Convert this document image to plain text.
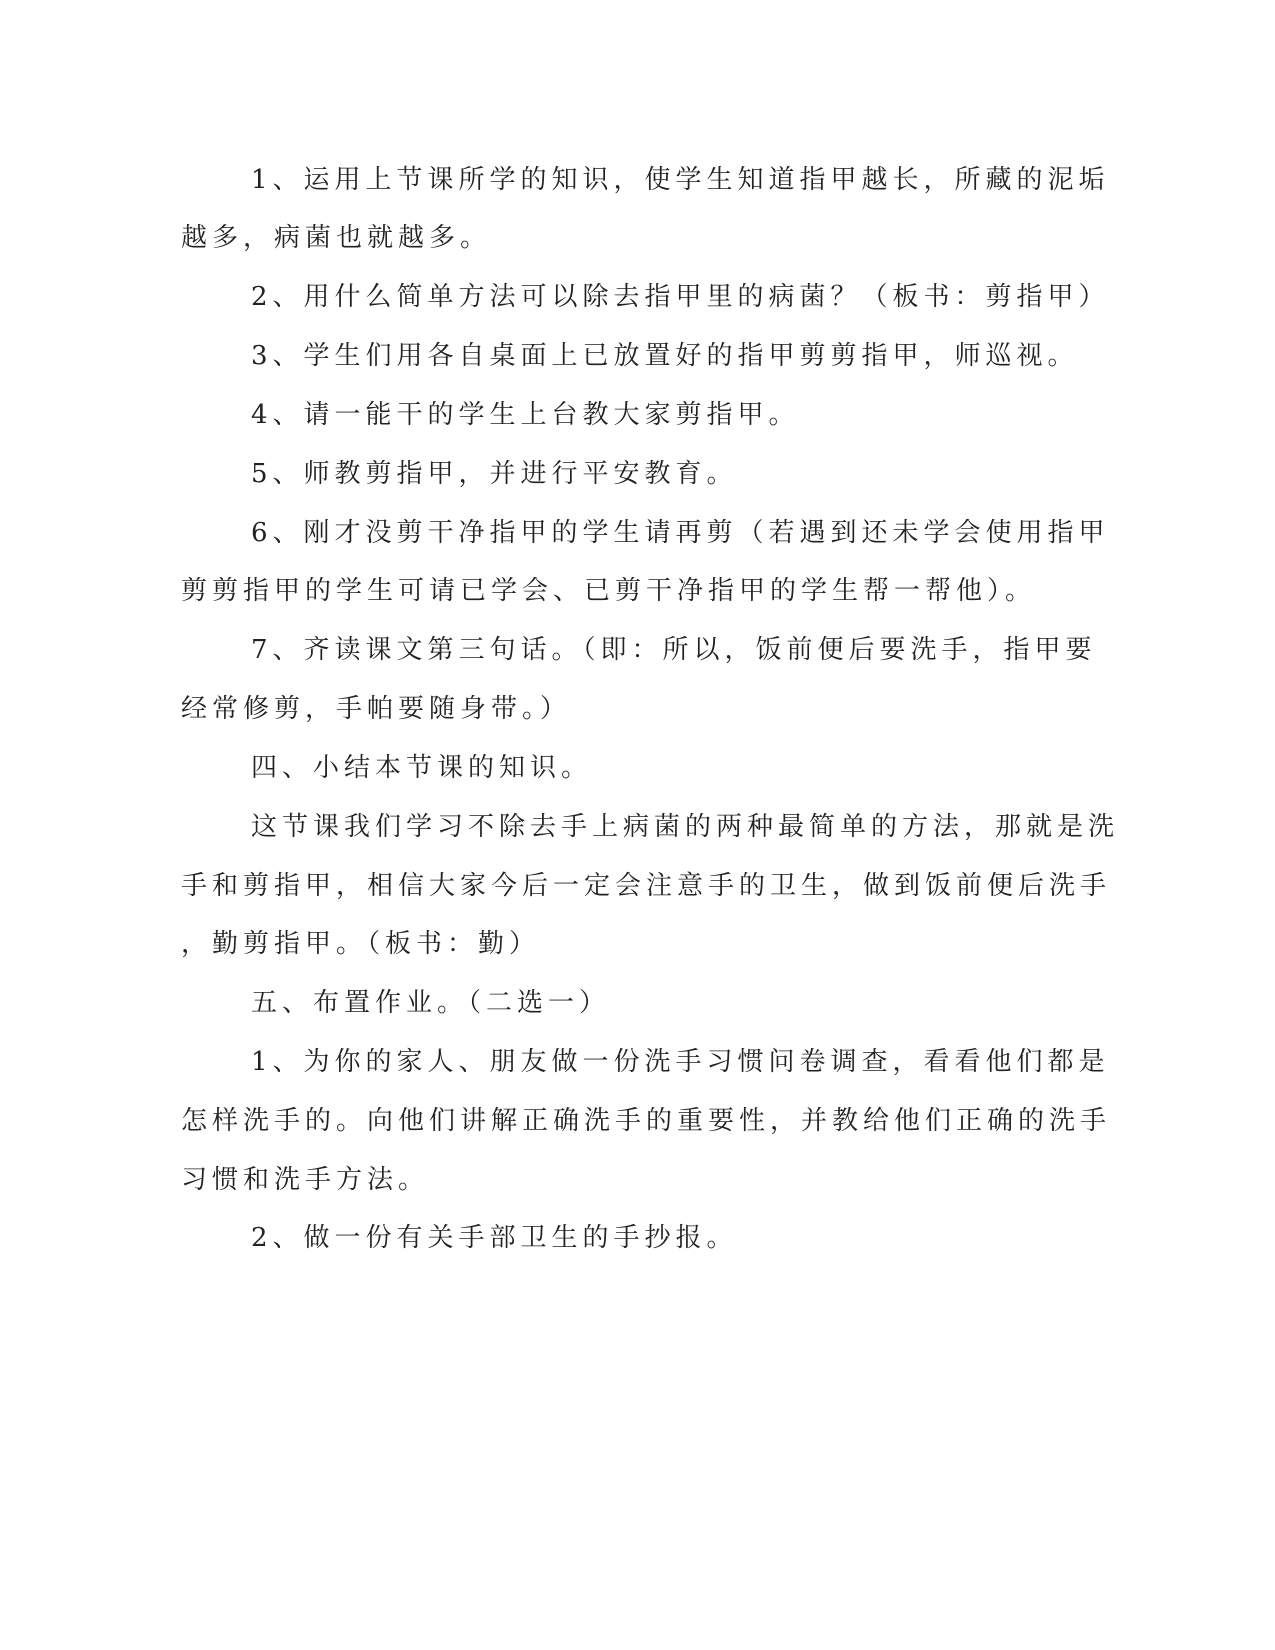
1、运用上节课所学的知识，使学生知道指甲越长，所藏的泥垢
越多，病菌也就越多。
2、用什么简单方法可以除去指甲里的病菌？（板书：剪指甲）
3、学生们用各自桌面上已放置好的指甲剪剪指甲，师巡视。
4、请一能干的学生上台教大家剪指甲。
5、师教剪指甲，并进行平安教育。
6、刚才没剪干净指甲的学生请再剪（若遇到还未学会使用指甲
剪剪指甲的学生可请已学会、已剪干净指甲的学生帮一帮他）。
7、齐读课文第三句话。（即：所以，饭前便后要洗手，指甲要
经常修剪，手帕要随身带。）
四、小结本节课的知识。
这节课我们学习不除去手上病菌的两种最简单的方法，那就是洗
手和剪指甲，相信大家今后一定会注意手的卫生，做到饭前便后洗手
，勤剪指甲。（板书：勤）
五、布置作业。（二选一）
1、为你的家人、朋友做一份洗手习惯问卷调查，看看他们都是
怎样洗手的。向他们讲解正确洗手的重要性，并教给他们正确的洗手
习惯和洗手方法。
2、做一份有关手部卫生的手抄报。
